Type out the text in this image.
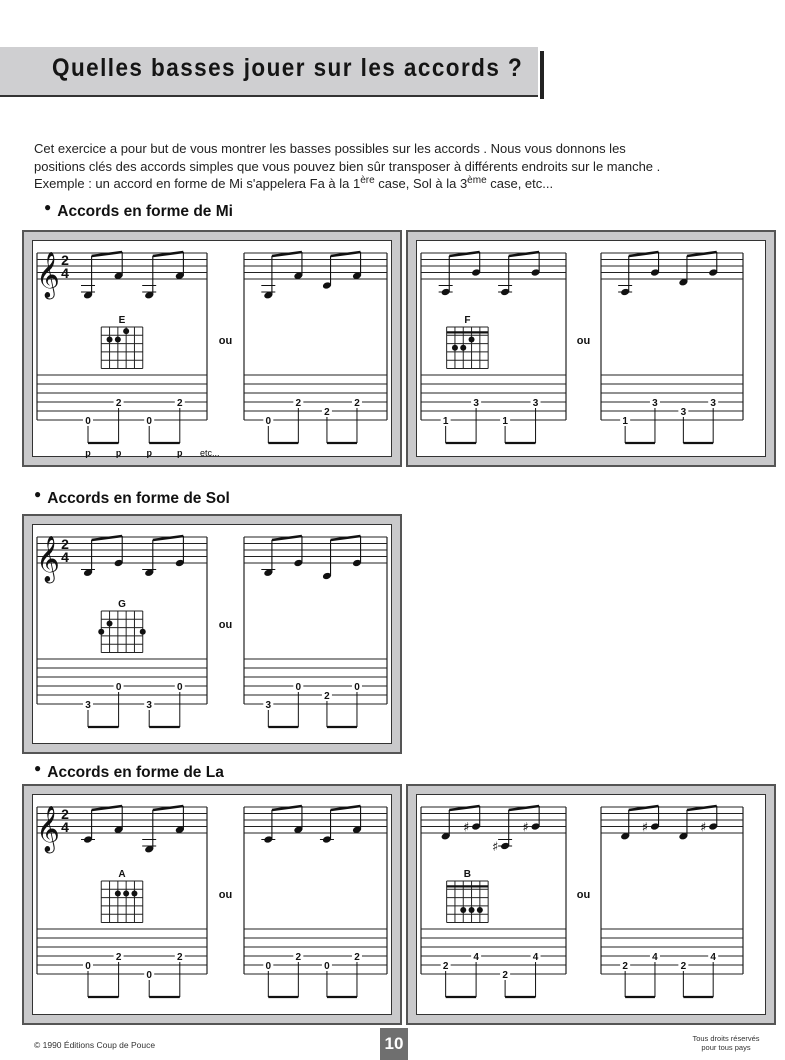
Quelles basses jouer sur les accords ?

Cet exercice a pour but de vous montrer les basses possibles sur les accords . Nous vous donnons les

positions clés des accords simples que vous pouvez bien sûr transposer à différents endroits sur le manche .

Exemple : un accord en forme de Mi s'appelera Fa à la 1ère case, Sol à la 3ème case, etc...

● Accords en forme de Mi
● Accords en forme de Sol
● Accords en forme de La
𝄞 2
4
0
2
0
2
0
2
2
2
E
ou
p	p	p	p etc...
1
3
1
3
1
3
3
3
F
ou
𝄞 2
4
3
0
3
0
3
0
2
0
G
ou
𝄞 2
4
0
2
0
2
0
2
0
2
A
ou
♯
♯
♯
2
4
2
4
♯	♯
2
4
2
4
B
ou
© 1990 Éditions Coup de Pouce	10	Tous droits réservés
pour tous pays
